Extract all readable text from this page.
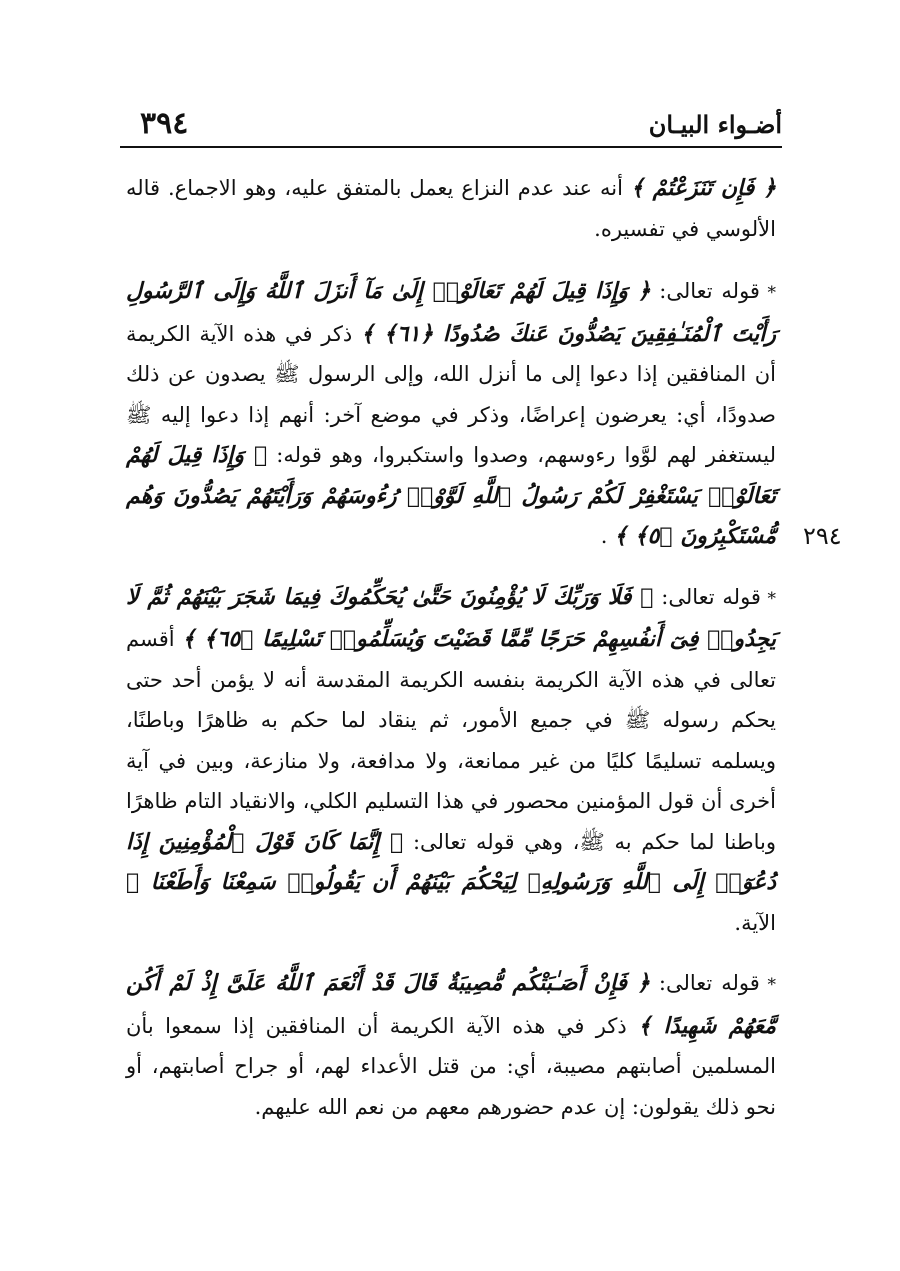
أضـواء البيـان
٣٩٤
٢٩٤

﴿ فَإِن تَنَزَعْتُمْ ﴾ أنه عند عدم النزاع يعمل بالمتفق عليه، وهو الاجماع. قاله الألوسي في تفسيره.

* قوله تعالى: ﴿ وَإِذَا قِيلَ لَهُمْ تَعَالَوْا۟ إِلَىٰ مَآ أَنزَلَ ٱللَّهُ وَإِلَى ٱلرَّسُولِ رَأَيْتَ ٱلْمُنَـٰفِقِينَ يَصُدُّونَ عَنكَ صُدُودًا ﴿٦١﴾ ﴾ ذكر في هذه الآية الكريمة أن المنافقين إذا دعوا إلى ما أنزل الله، وإلى الرسول ﷺ يصدون عن ذلك صدودًا، أي: يعرضون إعراضًا، وذكر في موضع آخر: أنهم إذا دعوا إليه ﷺ ليستغفر لهم لوَّوا رءوسهم، وصدوا واستكبروا، وهو قوله: ﴿ وَإِذَا قِيلَ لَهُمْ تَعَالَوْا۟ يَسْتَغْفِرْ لَكُمْ رَسُولُ ٱللَّهِ لَوَّوْا۟ رُءُوسَهُمْ وَرَأَيْتَهُمْ يَصُدُّونَ وَهُم مُّسْتَكْبِرُونَ ﴿٥﴾ ﴾ .

* قوله تعالى: ﴿ فَلَا وَرَبِّكَ لَا يُؤْمِنُونَ حَتَّىٰ يُحَكِّمُوكَ فِيمَا شَجَرَ بَيْنَهُمْ ثُمَّ لَا يَجِدُوا۟ فِىٓ أَنفُسِهِمْ حَرَجًا مِّمَّا قَضَيْتَ وَيُسَلِّمُوا۟ تَسْلِيمًا ﴿٦٥﴾ ﴾ أقسم تعالى في هذه الآية الكريمة بنفسه الكريمة المقدسة أنه لا يؤمن أحد حتى يحكم رسوله ﷺ في جميع الأمور، ثم ينقاد لما حكم به ظاهرًا وباطنًا، ويسلمه تسليمًا كليًا من غير ممانعة، ولا مدافعة، ولا منازعة، وبين في آية أخرى أن قول المؤمنين محصور في هذا التسليم الكلي، والانقياد التام ظاهرًا وباطنا لما حكم به ﷺ، وهي قوله تعالى: ﴿ إِنَّمَا كَانَ قَوْلَ ٱلْمُؤْمِنِينَ إِذَا دُعُوٓا۟ إِلَى ٱللَّهِ وَرَسُولِهِۦ لِيَحْكُمَ بَيْنَهُمْ أَن يَقُولُوا۟ سَمِعْنَا وَأَطَعْنَا ﴾ الآية.

* قوله تعالى: ﴿ فَإِنْ أَصَـٰبَتْكُم مُّصِيبَةٌ قَالَ قَدْ أَنْعَمَ ٱللَّهُ عَلَىَّ إِذْ لَمْ أَكُن مَّعَهُمْ شَهِيدًا ﴾ ذكر في هذه الآية الكريمة أن المنافقين إذا سمعوا بأن المسلمين أصابتهم مصيبة، أي: من قتل الأعداء لهم، أو جراح أصابتهم، أو نحو ذلك يقولون: إن عدم حضورهم معهم من نعم الله عليهم.
